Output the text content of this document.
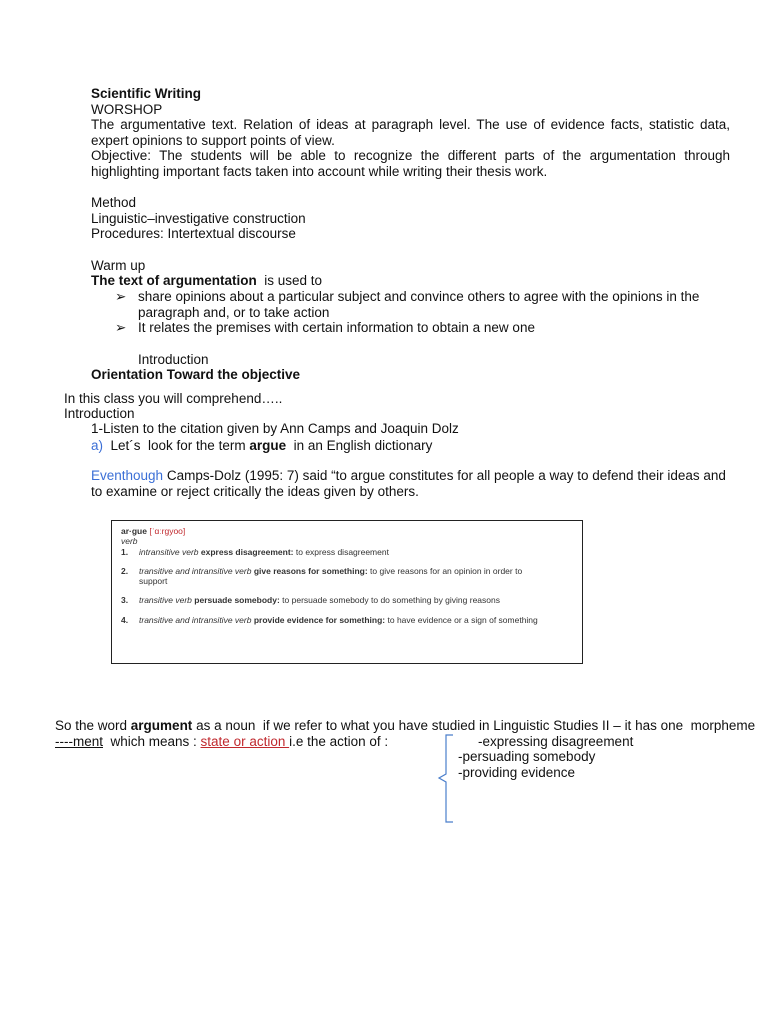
Scientific Writing
WORSHOP
The argumentative text. Relation of ideas at paragraph level. The use of evidence facts, statistic data, expert opinions to support points of view.
Objective: The students will be able to recognize the different parts of the argumentation through highlighting important facts taken into account while writing their thesis work.
Method
Linguistic–investigative construction
Procedures: Intertextual discourse
Warm up
The text of argumentation  is used to
➢ share opinions about a particular subject and convince others to agree with the opinions in the paragraph and, or to take action
➢ It relates the premises with certain information to obtain a new one
Introduction
Orientation Toward the objective
In this class you will comprehend…..
Introduction
1-Listen to the citation given by Ann Camps and Joaquin Dolz
a)  Let´s  look for the term argue  in an English dictionary
Eventhough Camps-Dolz (1995: 7) said “to argue constitutes for all people a way to defend their ideas and to examine or reject critically the ideas given by others.
ar·gue [ˈɑːrgyoo]
verb
1. intransitive verb express disagreement: to express disagreement
2. transitive and intransitive verb give reasons for something: to give reasons for an opinion in order to
support
3. transitive verb persuade somebody: to persuade somebody to do something by giving reasons
4. transitive and intransitive verb provide evidence for something: to have evidence or a sign of something
So the word argument as a noun  if we refer to what you have studied in Linguistic Studies II – it has one  morpheme
----ment  which means : state or action i.e the action of :	-expressing disagreement
-persuading somebody
-providing evidence
